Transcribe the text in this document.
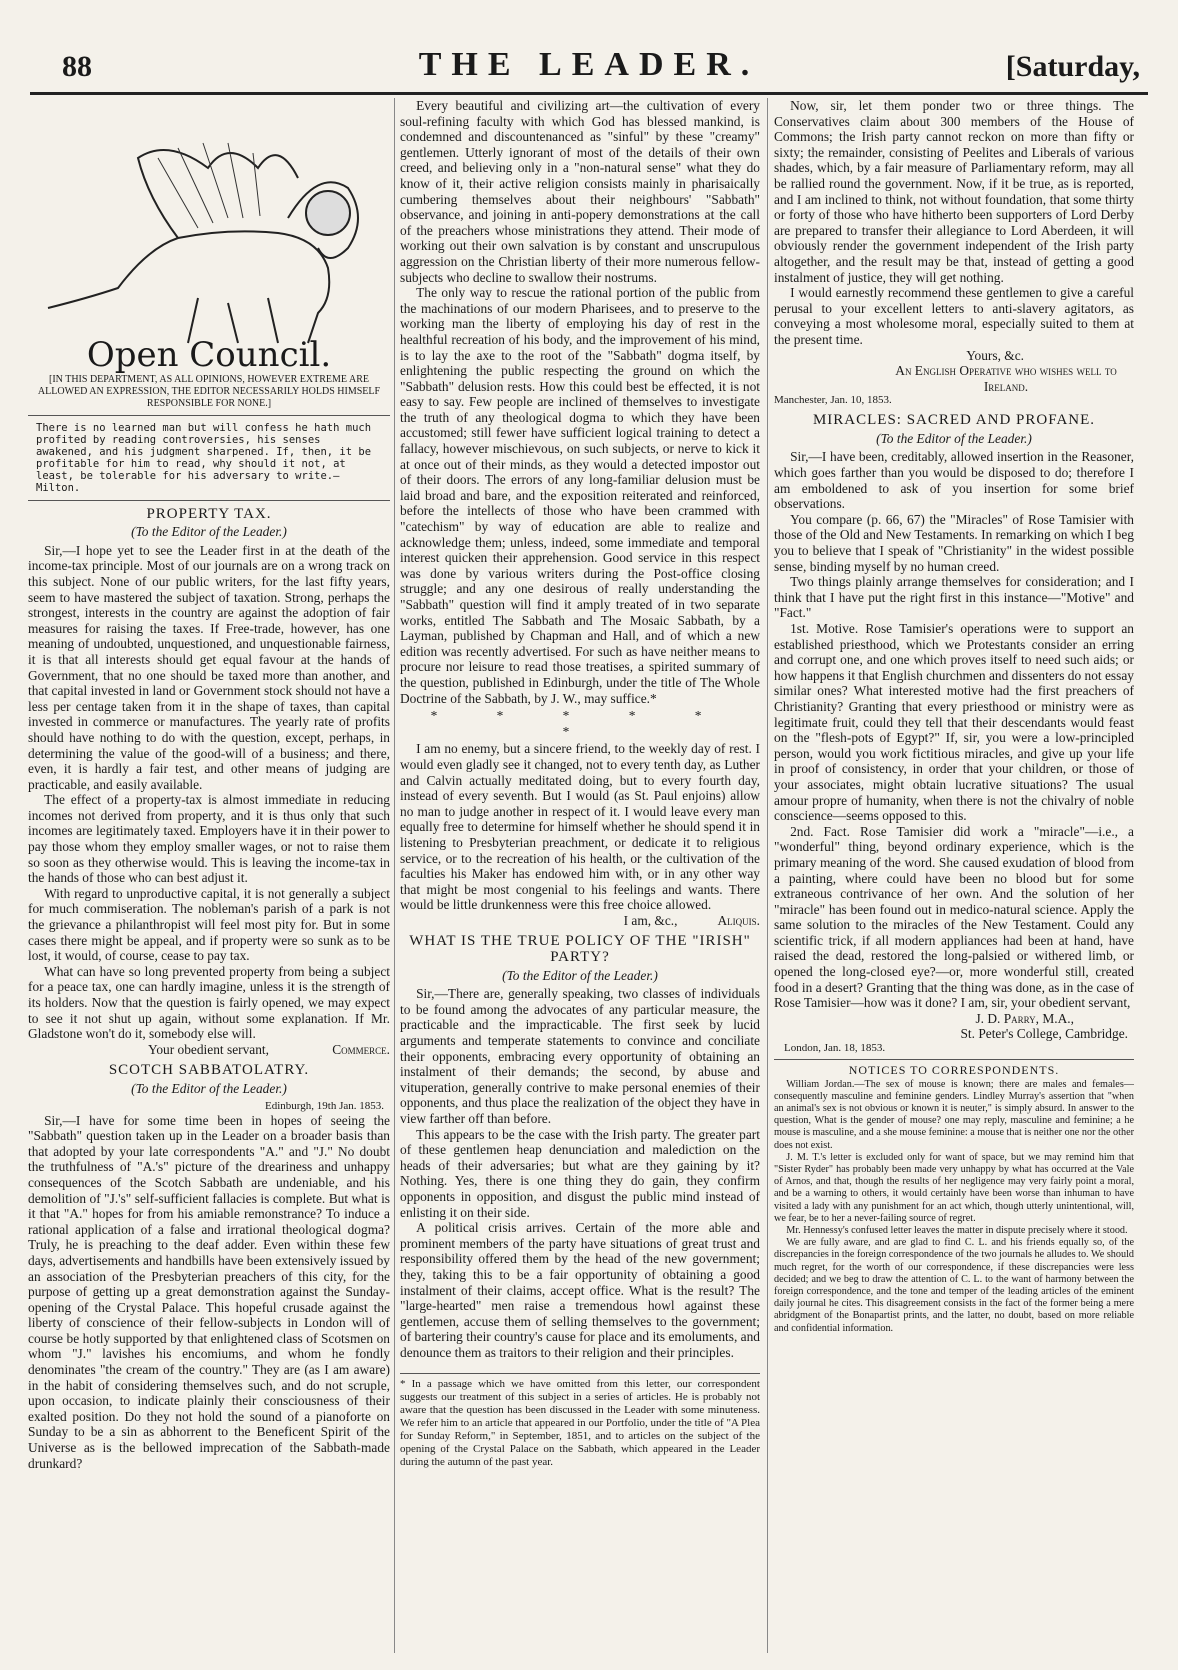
88	THE LEADER.	[Saturday,
Open Council.
[IN THIS DEPARTMENT, AS ALL OPINIONS, HOWEVER EXTREME ARE ALLOWED AN EXPRESSION, THE EDITOR NECESSARILY HOLDS HIMSELF RESPONSIBLE FOR NONE.]
There is no learned man but will confess he hath much profited by reading controversies, his senses awakened, and his judgment sharpened. If, then, it be profitable for him to read, why should it not, at least, be tolerable for his adversary to write.—Milton.
PROPERTY TAX.
(To the Editor of the Leader.)

Sir,—I hope yet to see the Leader first in at the death of the income-tax principle. Most of our journals are on a wrong track on this subject. None of our public writers, for the last fifty years, seem to have mastered the subject of taxation. Strong, perhaps the strongest, interests in the country are against the adoption of fair measures for raising the taxes. If Free-trade, however, has one meaning of undoubted, unquestioned, and unquestionable fairness, it is that all interests should get equal favour at the hands of Government, that no one should be taxed more than another, and that capital invested in land or Government stock should not have a less per centage taken from it in the shape of taxes, than capital invested in commerce or manufactures. The yearly rate of profits should have nothing to do with the question, except, perhaps, in determining the value of the good-will of a business; and there, even, it is hardly a fair test, and other means of judging are practicable, and easily available.

The effect of a property-tax is almost immediate in reducing incomes not derived from property, and it is thus only that such incomes are legitimately taxed. Employers have it in their power to pay those whom they employ smaller wages, or not to raise them so soon as they otherwise would. This is leaving the income-tax in the hands of those who can best adjust it.

With regard to unproductive capital, it is not generally a subject for much commiseration. The nobleman's parish of a park is not the grievance a philanthropist will feel most pity for. But in some cases there might be appeal, and if property were so sunk as to be lost, it would, of course, cease to pay tax.

What can have so long prevented property from being a subject for a peace tax, one can hardly imagine, unless it is the strength of its holders. Now that the question is fairly opened, we may expect to see it not shut up again, without some explanation. If Mr. Gladstone won't do it, somebody else will.

Your obedient servant,	Commerce.
SCOTCH SABBATOLATRY.
(To the Editor of the Leader.)
Edinburgh, 19th Jan. 1853.

Sir,—I have for some time been in hopes of seeing the "Sabbath" question taken up in the Leader on a broader basis than that adopted by your late correspondents "A." and "J." No doubt the truthfulness of "A.'s" picture of the dreariness and unhappy consequences of the Scotch Sabbath are undeniable, and his demolition of "J.'s" self-sufficient fallacies is complete. But what is it that "A." hopes for from his amiable remonstrance? To induce a rational application of a false and irrational theological dogma? Truly, he is preaching to the deaf adder. Even within these few days, advertisements and handbills have been extensively issued by an association of the Presbyterian preachers of this city, for the purpose of getting up a great demonstration against the Sunday-opening of the Crystal Palace. This hopeful crusade against the liberty of conscience of their fellow-subjects in London will of course be hotly supported by that enlightened class of Scotsmen on whom "J." lavishes his encomiums, and whom he fondly denominates "the cream of the country." They are (as I am aware) in the habit of considering themselves such, and do not scruple, upon occasion, to indicate plainly their consciousness of their exalted position. Do they not hold the sound of a pianoforte on Sunday to be a sin as abhorrent to the Beneficent Spirit of the Universe as is the bellowed imprecation of the Sabbath-made drunkard?

Every beautiful and civilizing art—the cultivation of every soul-refining faculty with which God has blessed mankind, is condemned and discountenanced as "sinful" by these "creamy" gentlemen. Utterly ignorant of most of the details of their own creed, and believing only in a "non-natural sense" what they do know of it, their active religion consists mainly in pharisaically cumbering themselves about their neighbours' "Sabbath" observance, and joining in anti-popery demonstrations at the call of the preachers whose ministrations they attend. Their mode of working out their own salvation is by constant and unscrupulous aggression on the Christian liberty of their more numerous fellow-subjects who decline to swallow their nostrums.

The only way to rescue the rational portion of the public from the machinations of our modern Pharisees, and to preserve to the working man the liberty of employing his day of rest in the healthful recreation of his body, and the improvement of his mind, is to lay the axe to the root of the "Sabbath" dogma itself, by enlightening the public respecting the ground on which the "Sabbath" delusion rests. How this could best be effected, it is not easy to say. Few people are inclined of themselves to investigate the truth of any theological dogma to which they have been accustomed; still fewer have sufficient logical training to detect a fallacy, however mischievous, on such subjects, or nerve to kick it at once out of their minds, as they would a detected impostor out of their doors. The errors of any long-familiar delusion must be laid broad and bare, and the exposition reiterated and reinforced, before the intellects of those who have been crammed with "catechism" by way of education are able to realize and acknowledge them; unless, indeed, some immediate and temporal interest quicken their apprehension. Good service in this respect was done by various writers during the Post-office closing struggle; and any one desirous of really understanding the "Sabbath" question will find it amply treated of in two separate works, entitled The Sabbath and The Mosaic Sabbath, by a Layman, published by Chapman and Hall, and of which a new edition was recently advertised. For such as have neither means to procure nor leisure to read those treatises, a spirited summary of the question, published in Edinburgh, under the title of The Whole Doctrine of the Sabbath, by J. W., may suffice.*

* * * * * *

I am no enemy, but a sincere friend, to the weekly day of rest. I would even gladly see it changed, not to every tenth day, as Luther and Calvin actually meditated doing, but to every fourth day, instead of every seventh. But I would (as St. Paul enjoins) allow no man to judge another in respect of it. I would leave every man equally free to determine for himself whether he should spend it in listening to Presbyterian preachment, or dedicate it to religious service, or to the recreation of his health, or the cultivation of the faculties his Maker has endowed him with, or in any other way that might be most congenial to his feelings and wants. There would be little drunkenness were this free choice allowed.

I am, &c.,	Aliquis.
WHAT IS THE TRUE POLICY OF THE "IRISH" PARTY?
(To the Editor of the Leader.)

Sir,—There are, generally speaking, two classes of individuals to be found among the advocates of any particular measure, the practicable and the impracticable. The first seek by lucid arguments and temperate statements to convince and conciliate their opponents, embracing every opportunity of obtaining an instalment of their demands; the second, by abuse and vituperation, generally contrive to make personal enemies of their opponents, and thus place the realization of the object they have in view farther off than before.

This appears to be the case with the Irish party. The greater part of these gentlemen heap denunciation and malediction on the heads of their adversaries; but what are they gaining by it? Nothing. Yes, there is one thing they do gain, they confirm opponents in opposition, and disgust the public mind instead of enlisting it on their side.

A political crisis arrives. Certain of the more able and prominent members of the party have situations of great trust and responsibility offered them by the head of the new government; they, taking this to be a fair opportunity of obtaining a good instalment of their claims, accept office. What is the result? The "large-hearted" men raise a tremendous howl against these gentlemen, accuse them of selling themselves to the government; of bartering their country's cause for place and its emoluments, and denounce them as traitors to their religion and their principles.

* In a passage which we have omitted from this letter, our correspondent suggests our treatment of this subject in a series of articles. He is probably not aware that the question has been discussed in the Leader with some minuteness. We refer him to an article that appeared in our Portfolio, under the title of "A Plea for Sunday Reform," in September, 1851, and to articles on the subject of the opening of the Crystal Palace on the Sabbath, which appeared in the Leader during the autumn of the past year.

Now, sir, let them ponder two or three things. The Conservatives claim about 300 members of the House of Commons; the Irish party cannot reckon on more than fifty or sixty; the remainder, consisting of Peelites and Liberals of various shades, which, by a fair measure of Parliamentary reform, may all be rallied round the government. Now, if it be true, as is reported, and I am inclined to think, not without foundation, that some thirty or forty of those who have hitherto been supporters of Lord Derby are prepared to transfer their allegiance to Lord Aberdeen, it will obviously render the government independent of the Irish party altogether, and the result may be that, instead of getting a good instalment of justice, they will get nothing.

I would earnestly recommend these gentlemen to give a careful perusal to your excellent letters to anti-slavery agitators, as conveying a most wholesome moral, especially suited to them at the present time.

Yours, &c.
An English Operative who wishes well to Ireland.
Manchester, Jan. 10, 1853.
MIRACLES: SACRED AND PROFANE.
(To the Editor of the Leader.)

Sir,—I have been, creditably, allowed insertion in the Reasoner, which goes farther than you would be disposed to do; therefore I am emboldened to ask of you insertion for some brief observations.

You compare (p. 66, 67) the "Miracles" of Rose Tamisier with those of the Old and New Testaments. In remarking on which I beg you to believe that I speak of "Christianity" in the widest possible sense, binding myself by no human creed.

Two things plainly arrange themselves for consideration; and I think that I have put the right first in this instance—"Motive" and "Fact."

1st. Motive. Rose Tamisier's operations were to support an established priesthood, which we Protestants consider an erring and corrupt one, and one which proves itself to need such aids; or how happens it that English churchmen and dissenters do not essay similar ones? What interested motive had the first preachers of Christianity? Granting that every priesthood or ministry were as legitimate fruit, could they tell that their descendants would feast on the "flesh-pots of Egypt?" If, sir, you were a low-principled person, would you work fictitious miracles, and give up your life in proof of consistency, in order that your children, or those of your associates, might obtain lucrative situations? The usual amour propre of humanity, when there is not the chivalry of noble conscience—seems opposed to this.

2nd. Fact. Rose Tamisier did work a "miracle"—i.e., a "wonderful" thing, beyond ordinary experience, which is the primary meaning of the word. She caused exudation of blood from a painting, where could have been no blood but for some extraneous contrivance of her own. And the solution of her "miracle" has been found out in medico-natural science. Apply the same solution to the miracles of the New Testament. Could any scientific trick, if all modern appliances had been at hand, have raised the dead, restored the long-palsied or withered limb, or opened the long-closed eye?—or, more wonderful still, created food in a desert? Granting that the thing was done, as in the case of Rose Tamisier—how was it done? I am, sir, your obedient servant,

J. D. Parry, M.A.,
St. Peter's College, Cambridge.
London, Jan. 18, 1853.
NOTICES TO CORRESPONDENTS.

William Jordan.—The sex of mouse is known; there are males and females—consequently masculine and feminine genders. Lindley Murray's assertion that "when an animal's sex is not obvious or known it is neuter," is simply absurd. In answer to the question, What is the gender of mouse? one may reply, masculine and feminine; a he mouse is masculine, and a she mouse feminine: a mouse that is neither one nor the other does not exist.

J. M. T.'s letter is excluded only for want of space, but we may remind him that "Sister Ryder" has probably been made very unhappy by what has occurred at the Vale of Arnos, and that, though the results of her negligence may very fairly point a moral, and be a warning to others, it would certainly have been worse than inhuman to have visited a lady with any punishment for an act which, though utterly unintentional, will, we fear, be to her a never-failing source of regret.

Mr. Hennessy's confused letter leaves the matter in dispute precisely where it stood.

We are fully aware, and are glad to find C. L. and his friends equally so, of the discrepancies in the foreign correspondence of the two journals he alludes to. We should much regret, for the worth of our correspondence, if these discrepancies were less decided; and we beg to draw the attention of C. L. to the want of harmony between the foreign correspondence, and the tone and temper of the leading articles of the eminent daily journal he cites. This disagreement consists in the fact of the former being a mere abridgment of the Bonapartist prints, and the latter, no doubt, based on more reliable and confidential information.
